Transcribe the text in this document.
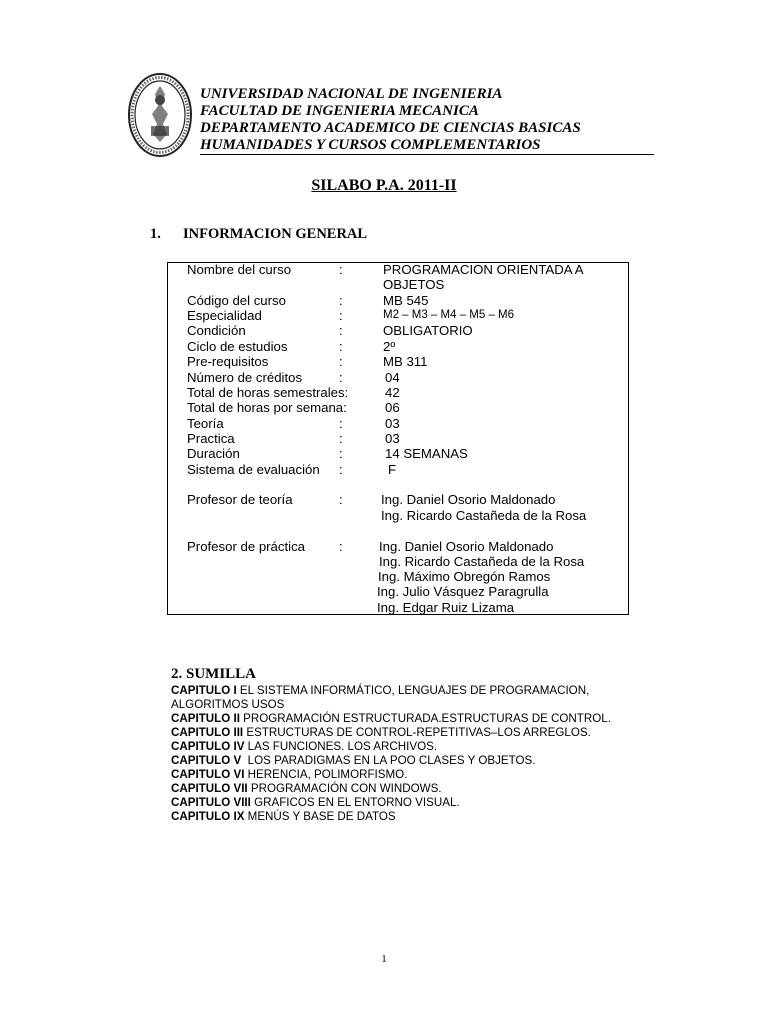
UNIVERSIDAD NACIONAL DE INGENIERIA
FACULTAD DE INGENIERIA MECANICA
DEPARTAMENTO ACADEMICO DE CIENCIAS BASICAS
HUMANIDADES Y CURSOS COMPLEMENTARIOS
SILABO P.A. 2011-II
1. INFORMACION GENERAL
Nombre del curso	:	PROGRAMACION ORIENTADA A
OBJETOS
Código del curso	:	MB 545
Especialidad	:	M2 – M3 – M4 – M5 – M6
Condición	:	OBLIGATORIO
Ciclo de estudios	:	2º
Pre-requisitos	:	MB 311
Número de créditos	:	04
Total de horas semestrales:	42
Total de horas por semana:	06
Teoría	:	03
Practica	:	03
Duración	:	14 SEMANAS
Sistema de evaluación :	F
Profesor de teoría	:	Ing. Daniel Osorio Maldonado
Ing. Ricardo Castañeda de la Rosa
Profesor de práctica	:	Ing. Daniel Osorio Maldonado
Ing. Ricardo Castañeda de la Rosa
Ing. Máximo Obregón Ramos
Ing. Julio Vásquez Paragrulla
Ing. Edgar Ruiz Lizama
2. SUMILLA
CAPITULO I EL SISTEMA INFORMÁTICO, LENGUAJES DE PROGRAMACION,
ALGORITMOS USOS
CAPITULO II PROGRAMACIÓN ESTRUCTURADA.ESTRUCTURAS DE CONTROL.
CAPITULO III ESTRUCTURAS DE CONTROL-REPETITIVAS–LOS ARREGLOS.
CAPITULO IV LAS FUNCIONES. LOS ARCHIVOS.
CAPITULO V  LOS PARADIGMAS EN LA POO CLASES Y OBJETOS.
CAPITULO VI HERENCIA, POLIMORFISMO.
CAPITULO VII PROGRAMACIÓN CON WINDOWS.
CAPITULO VIII GRAFICOS EN EL ENTORNO VISUAL.
CAPITULO IX MENÚS Y BASE DE DATOS
1
